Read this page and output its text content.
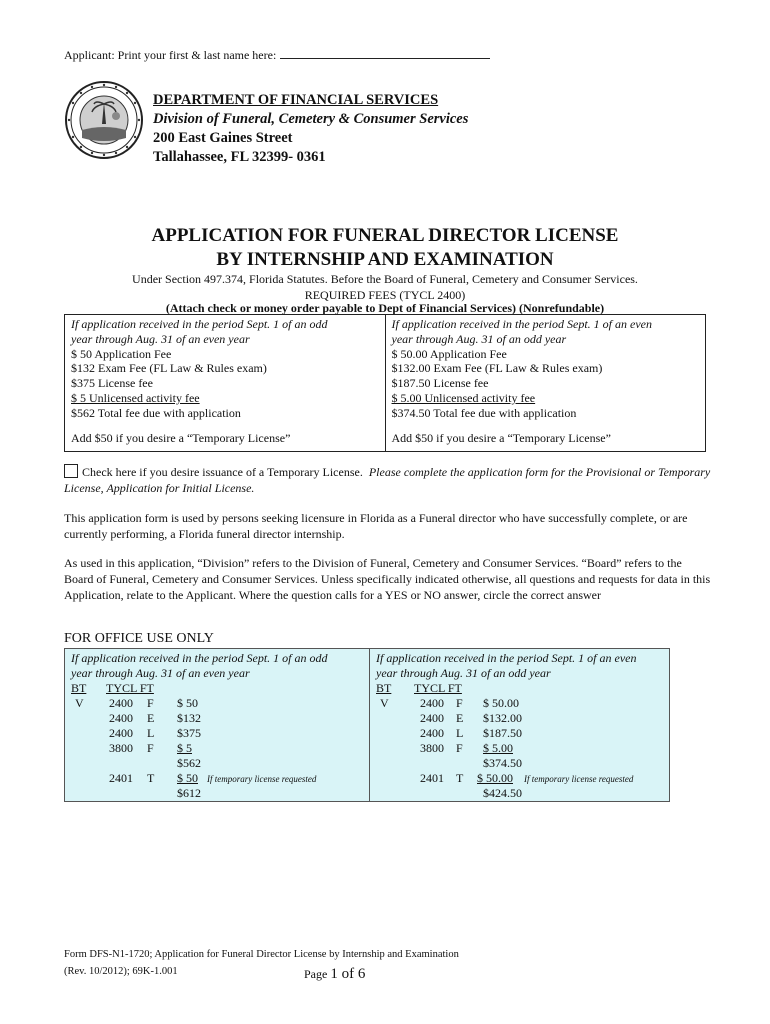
Applicant: Print your first & last name here:
DEPARTMENT OF FINANCIAL SERVICES
Division of Funeral, Cemetery & Consumer Services
200 East Gaines Street
Tallahassee, FL 32399- 0361
APPLICATION FOR FUNERAL DIRECTOR LICENSE
BY INTERNSHIP AND EXAMINATION
Under Section 497.374, Florida Statutes. Before the Board of Funeral, Cemetery and Consumer Services.
REQUIRED FEES (TYCL 2400)
(Attach check or money order payable to Dept of Financial Services) (Nonrefundable)
If application received in the period Sept. 1 of an odd
year through Aug. 31 of an even year
$ 50 Application Fee
$132 Exam Fee (FL Law & Rules exam)
$375 License fee
$ 5 Unlicensed activity fee
$562 Total fee due with application
Add $50 if you desire a “Temporary License”

If application received in the period Sept. 1 of an even
year through Aug. 31 of an odd year
$ 50.00 Application Fee
$132.00 Exam Fee (FL Law & Rules exam)
$187.50 License fee
$ 5.00 Unlicensed activity fee
$374.50 Total fee due with application
Add $50 if you desire a “Temporary License”
Check here if you desire issuance of a Temporary License. Please complete the application form for the Provisional or Temporary License, Application for Initial License.
This application form is used by persons seeking licensure in Florida as a Funeral director who have successfully complete, or are currently performing, a Florida funeral director internship.
As used in this application, “Division” refers to the Division of Funeral, Cemetery and Consumer Services. “Board” refers to the Board of Funeral, Cemetery and Consumer Services. Unless specifically indicated otherwise, all questions and requests for data in this Application, relate to the Applicant. Where the question calls for a YES or NO answer, circle the correct answer
FOR OFFICE USE ONLY
If application received in the period Sept. 1 of an odd
year through Aug. 31 of an even year
BT TYCL FT
V 2400 F $ 50
2400 E $132
2400 L $375
3800 F $ 5
$562
2401 T $ 50 If temporary license requested
$612
If application received in the period Sept. 1 of an even
year through Aug. 31 of an odd year
BT TYCL FT
V	2400 F $ 50.00
2400 E $132.00
2400 L $187.50
3800 F $ 5.00
$374.50
2401 T $ 50.00 If temporary license requested
$424.50
Form DFS-N1-1720; Application for Funeral Director License by Internship and Examination
(Rev. 10/2012); 69K-1.001	Page 1 of 6
